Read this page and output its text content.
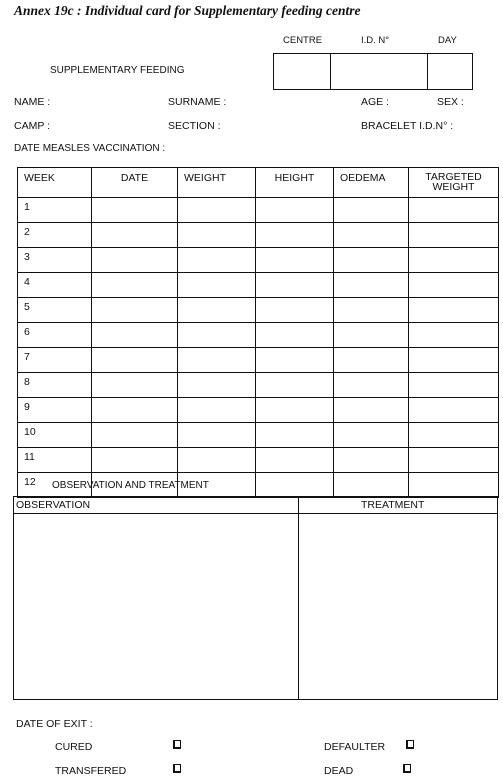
Annex 19c : Individual card for Supplementary feeding centre
CENTRE	I.D. N°	DAY
SUPPLEMENTARY FEEDING
NAME :	SURNAME :	AGE :	SEX :
CAMP :	SECTION :	BRACELET I.D.N° :
DATE MEASLES VACCINATION :
WEEK	DATE	WEIGHT	HEIGHT	OEDEMA	TARGETED WEIGHT
1					
2					
3					
4					
5					
6					
7					
8					
9					
10					
11					
12					OBSERVATION AND TREATMENT
OBSERVATION	TREATMENT
DATE OF EXIT :
CURED	DEFAULTER
TRANSFERED	DEAD
